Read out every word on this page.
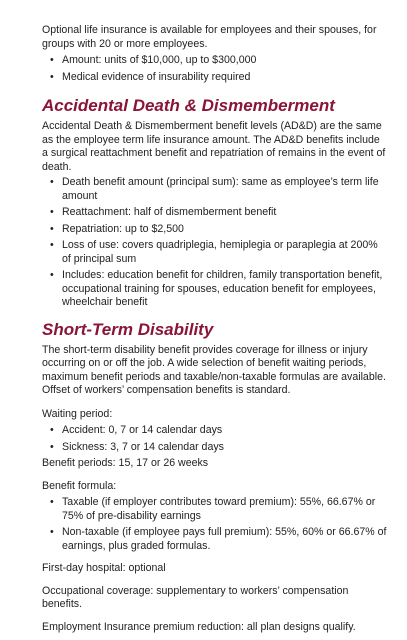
Optional life insurance is available for employees and their spouses, for groups with 20 or more employees.

• Amount: units of $10,000, up to $300,000
• Medical evidence of insurability required
Accidental Death & Dismemberment

Accidental Death & Dismemberment benefit levels (AD&D) are the same as the employee term life insurance amount. The AD&D benefits include a surgical reattachment benefit and repatriation of remains in the event of death.

• Death benefit amount (principal sum): same as employee’s term life amount
• Reattachment: half of dismemberment benefit
• Repatriation: up to $2,500
• Loss of use: covers quadriplegia, hemiplegia or paraplegia at 200% of principal sum
• Includes: education benefit for children, family transportation benefit, occupational training for spouses, education benefit for employees, wheelchair benefit
Short-Term Disability

The short-term disability benefit provides coverage for illness or injury occurring on or off the job. A wide selection of benefit waiting periods, maximum benefit periods and taxable/non-taxable formulas are available. Offset of workers’ compensation benefits is standard.

Waiting period:

• Accident: 0, 7 or 14 calendar days
• Sickness: 3, 7 or 14 calendar days

Benefit periods: 15, 17 or 26 weeks

Benefit formula:

• Taxable (if employer contributes toward premium): 55%, 66.67% or 75% of pre-disability earnings
• Non-taxable (if employee pays full premium): 55%, 60% or 66.67% of earnings, plus graded formulas.

First-day hospital: optional

Occupational coverage: supplementary to workers’ compensation benefits.

Employment Insurance premium reduction: all plan designs qualify.
